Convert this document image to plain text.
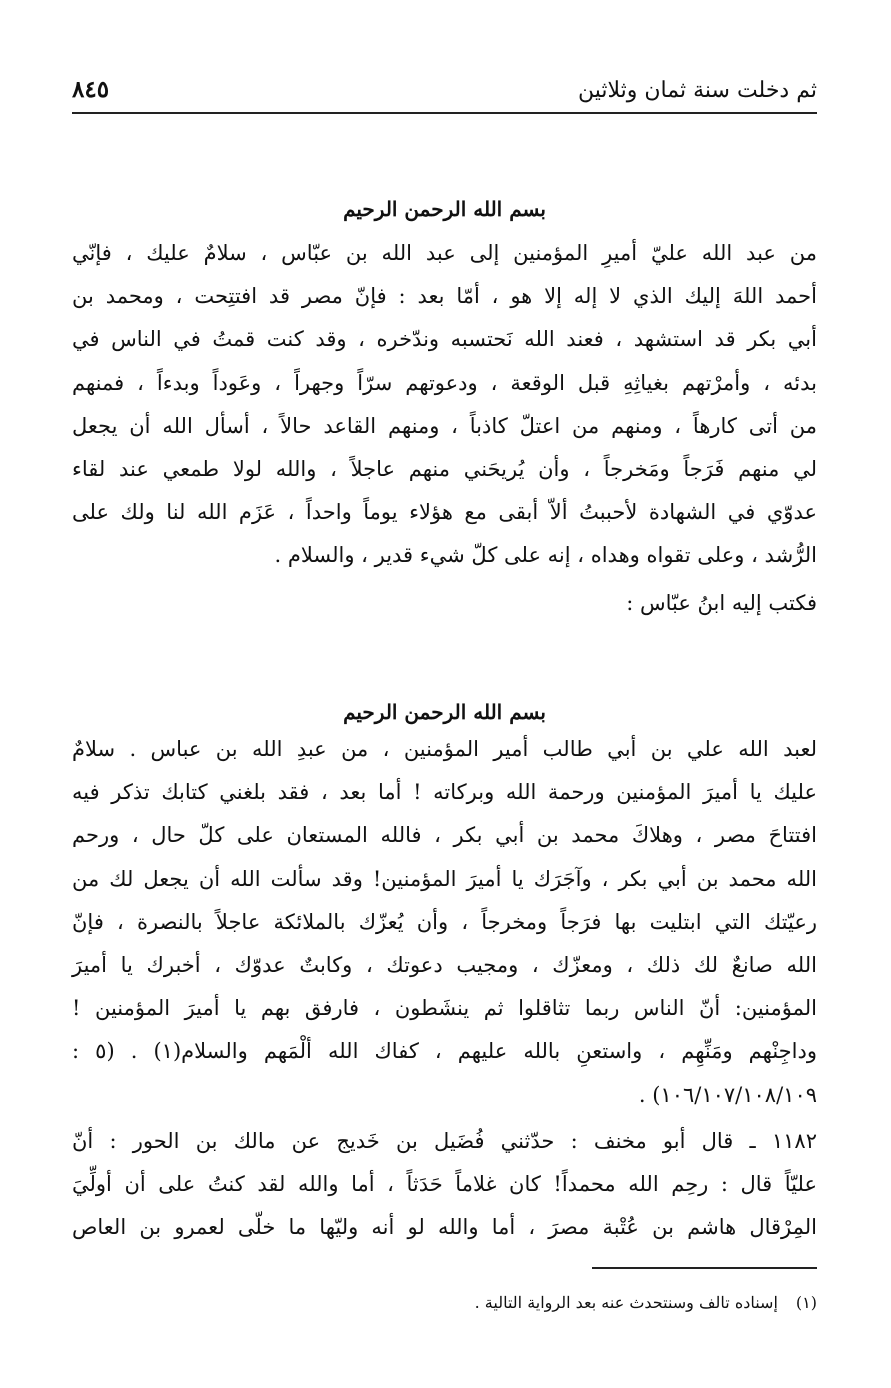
ثم دخلت سنة ثمان وثلاثين
٨٤٥
بسم الله الرحمن الرحيم
من عبد الله عليّ أميرِ المؤمنين إلى عبد الله بن عبّاس ، سلامٌ عليك ، فإنّي
أحمد اللهَ إليك الذي لا إله إلا هو ، أمّا بعد : فإنّ مصر قد افتتِحت ، ومحمد بن
أبي بكر قد استشهد ، فعند الله نَحتسبه وندّخره ، وقد كنت قمتُ في الناس في
بدئه ، وأمرْتهم بغياثِهِ قبل الوقعة ، ودعوتهم سرّاً وجهراً ، وعَوداً وبدءاً ، فمنهم
من أتى كارهاً ، ومنهم من اعتلّ كاذباً ، ومنهم القاعد حالاً ، أسأل الله أن يجعل
لي منهم فَرَجاً ومَخرجاً ، وأن يُريحَني منهم عاجلاً ، والله لولا طمعي عند لقاء
عدوّي في الشهادة لأحببتُ ألاّ أبقى مع هؤلاء يوماً واحداً ، عَزَم الله لنا ولك على
الرُّشد ، وعلى تقواه وهداه ، إنه على كلّ شيء قدير ، والسلام .
فكتب إليه ابنُ عبّاس :
بسم الله الرحمن الرحيم
لعبد الله علي بن أبي طالب أمير المؤمنين ، من عبدِ الله بن عباس . سلامٌ
عليك يا أميرَ المؤمنين ورحمة الله وبركاته ! أما بعد ، فقد بلغني كتابك تذكر فيه
افتتاحَ مصر ، وهلاكَ محمد بن أبي بكر ، فالله المستعان على كلّ حال ، ورحم
الله محمد بن أبي بكر ، وآجَرَك يا أميرَ المؤمنين! وقد سألت الله أن يجعل لك من
رعيّتك التي ابتليت بها فرَجاً ومخرجاً ، وأن يُعزّك بالملائكة عاجلاً بالنصرة ، فإنّ
الله صانعٌ لك ذلك ، ومعزّك ، ومجيب دعوتك ، وكابتٌ عدوّك ، أخبرك يا أميرَ
المؤمنين: أنّ الناس ربما تثاقلوا ثم ينشَطون ، فارفق بهم يا أميرَ المؤمنين !
وداجِنْهم ومَنِّهِم ، واستعنِ بالله عليهم ، كفاك الله ألْمَهم والسلام(١) . (٥ :
١٠٦/١٠٧/١٠٨/١٠٩) .
١١٨٢ ـ قال أبو مخنف : حدّثني فُضَيل بن خَديج عن مالك بن الحور : أنّ
عليّاً قال : رحِم الله محمداً! كان غلاماً حَدَثاً ، أما والله لقد كنتُ على أن أولِّيَ
المِرْقال هاشم بن عُتْبة مصرَ ، أما والله لو أنه وليّها ما خلّى لعمرو بن العاص
(١)إسناده تالف وسنتحدث عنه بعد الرواية التالية .
